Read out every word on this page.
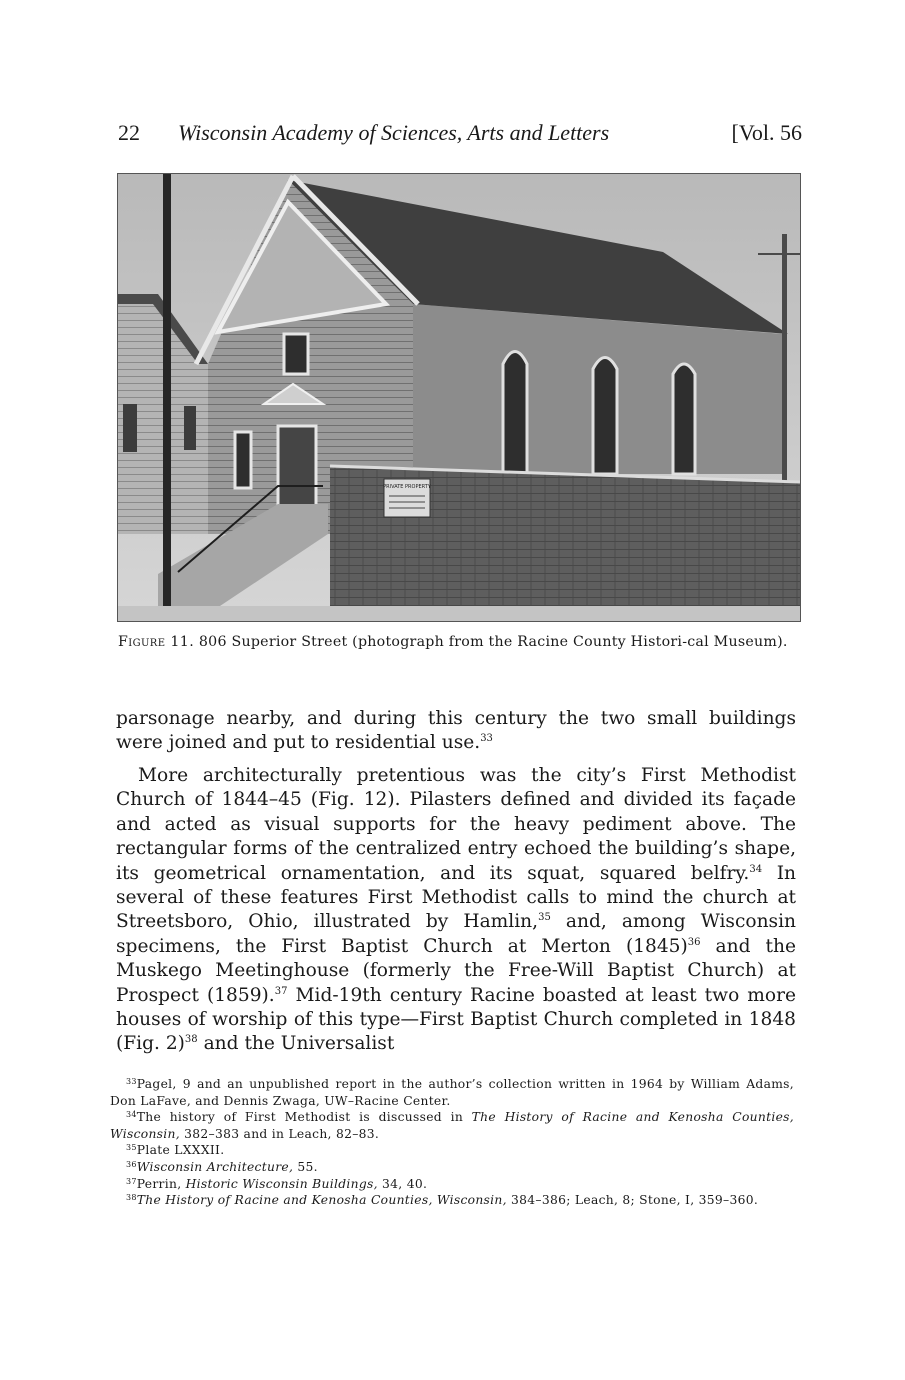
22 Wisconsin Academy of Sciences, Arts and Letters	[Vol. 56
PRIVATE PROPERTY
Figure 11. 806 Superior Street (photograph from the Racine County Histori-cal Museum).

parsonage nearby, and during this century the two small buildings were joined and put to residential use.$^{33}$

More architecturally pretentious was the city’s First Methodist Church of 1844–45 (Fig. 12). Pilasters defined and divided its façade and acted as visual supports for the heavy pediment above. The rectangular forms of the centralized entry echoed the building’s shape, its geometrical ornamentation, and its squat, squared belfry.$^{34}$ In several of these features First Methodist calls to mind the church at Streetsboro, Ohio, illustrated by Hamlin,$^{35}$ and, among Wisconsin specimens, the First Baptist Church at Merton $(1845)^{36}$ and the Muskego Meetinghouse (formerly the Free-Will Baptist Church) at Prospect (1859).$^{37}$ Mid-19th century Racine boasted at least two more houses of worship of this type—First Baptist Church completed in 1848 (Fig. 2)$^{38}$ and the Universalist

$^{33}$Pagel, 9 and an unpublished report in the author’s collection written in 1964 by William Adams, Don LaFave, and Dennis Zwaga, UW–Racine Center.

$^{34}$The history of First Methodist is discussed in The History of Racine and Kenosha Counties, Wisconsin, 382–383 and in Leach, 82–83.

$^{35}$Plate LXXXII.

$^{36}$Wisconsin Architecture, 55.

$^{37}$Perrin, Historic Wisconsin Buildings, 34, 40.

$^{38}$The History of Racine and Kenosha Counties, Wisconsin, 384–386; Leach, 8; Stone, I, 359–360.
